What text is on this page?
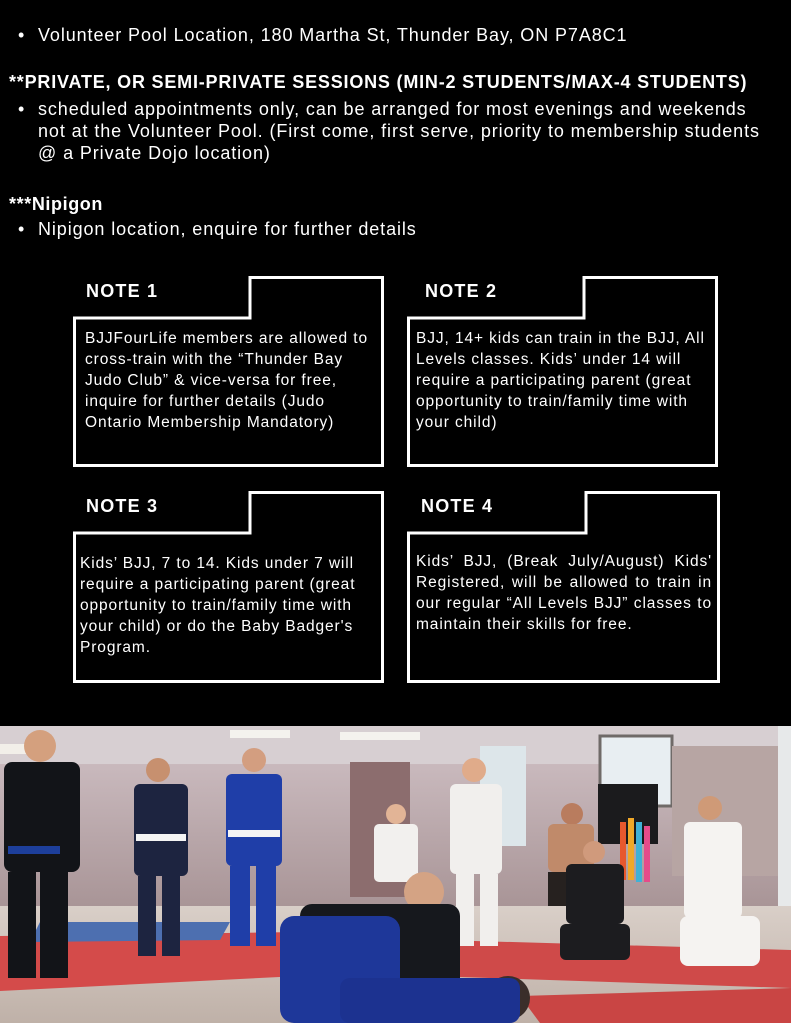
• Volunteer Pool Location, 180 Martha St, Thunder Bay, ON P7A8C1
**PRIVATE, OR SEMI-PRIVATE SESSIONS (MIN-2 STUDENTS/MAX-4 STUDENTS)
• scheduled appointments only, can be arranged for most evenings and weekends not at the Volunteer Pool. (First come, first serve, priority to membership students @ a Private Dojo location)
***Nipigon
• Nipigon location, enquire for further details
NOTE 1
BJJFourLife members are allowed to cross-train with the “Thunder Bay Judo Club” & vice-versa for free, inquire for further details (Judo Ontario Membership Mandatory)
NOTE 2
BJJ, 14+ kids can train in the BJJ, All Levels classes. Kids’ under 14 will require a participating parent (great opportunity to train/family time with your child)
NOTE 3
Kids’ BJJ, 7 to 14. Kids under 7 will require a participating parent (great opportunity to train/family time with your child) or do the Baby Badger's Program.
NOTE 4
Kids’ BJJ, (Break July/August) Kids' Registered, will be allowed to train in our regular “All Levels BJJ” classes to maintain their skills for free.
